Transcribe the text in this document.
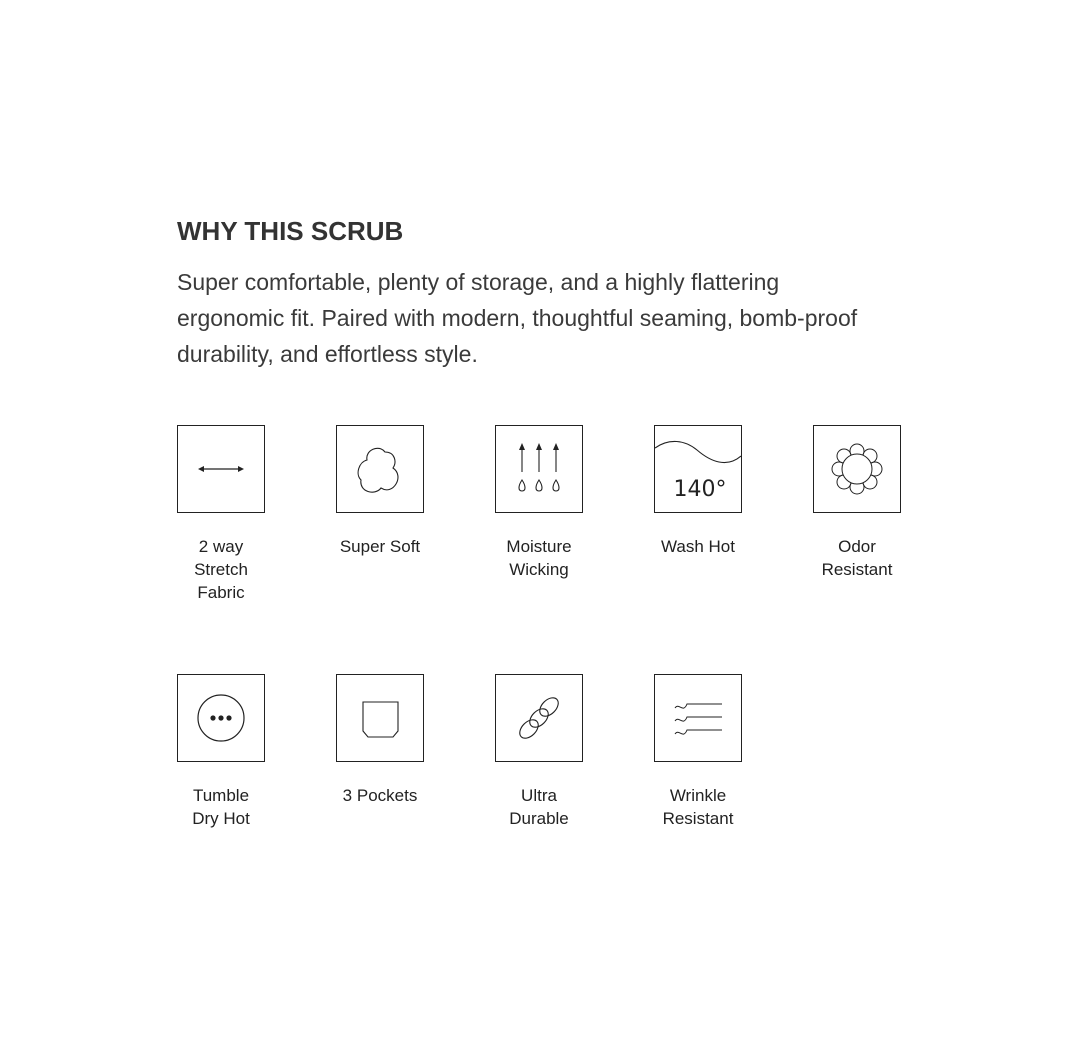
WHY THIS SCRUB

Super comfortable, plenty of storage, and a highly flattering ergonomic fit. Paired with modern, thoughtful seaming, bomb-proof durability, and effortless style.

2 way
Stretch
Fabric
Super Soft	Moisture
Wicking
140°
Wash Hot	Odor
Resistant
Tumble
Dry Hot
3 Pockets	Ultra
Durable
Wrinkle
Resistant
